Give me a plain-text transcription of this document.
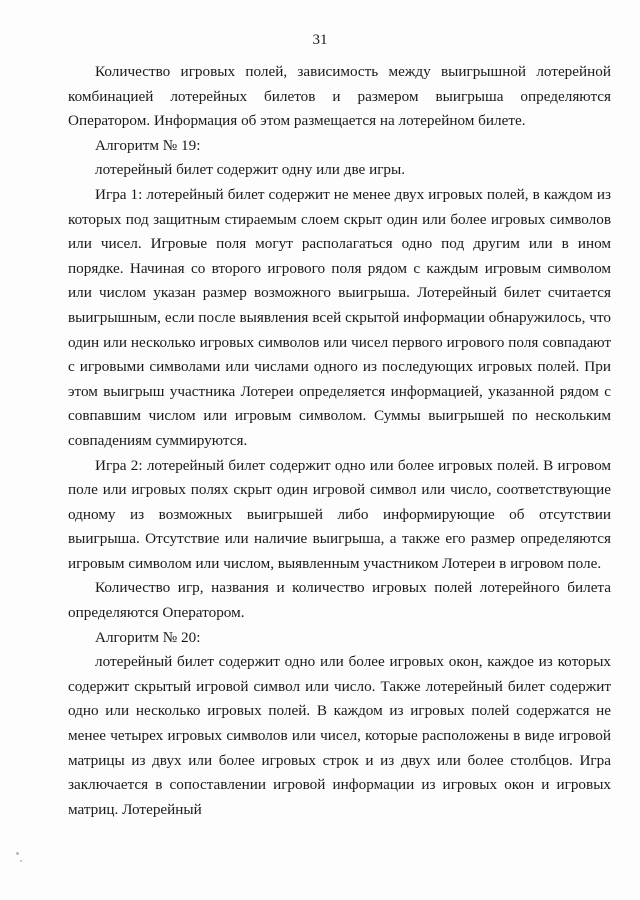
31

Количество игровых полей, зависимость между выигрышной лотерейной комбинацией лотерейных билетов и размером выигрыша определяются Оператором. Информация об этом размещается на лотерейном билете.

Алгоритм № 19:

лотерейный билет содержит одну или две игры.

Игра 1: лотерейный билет содержит не менее двух игровых полей, в каждом из которых под защитным стираемым слоем скрыт один или более игровых символов или чисел. Игровые поля могут располагаться одно под другим или в ином порядке. Начиная со второго игрового поля рядом с каждым игровым символом или числом указан размер возможного выигрыша. Лотерейный билет считается выигрышным, если после выявления всей скрытой информации обнаружилось, что один или несколько игровых символов или чисел первого игрового поля совпадают с игровыми символами или числами одного из последующих игровых полей. При этом выигрыш участника Лотереи определяется информацией, указанной рядом с совпавшим числом или игровым символом. Суммы выигрышей по нескольким совпадениям суммируются.

Игра 2: лотерейный билет содержит одно или более игровых полей. В игровом поле или игровых полях скрыт один игровой символ или число, соответствующие одному из возможных выигрышей либо информирующие об отсутствии выигрыша. Отсутствие или наличие выигрыша, а также его размер определяются игровым символом или числом, выявленным участником Лотереи в игровом поле.

Количество игр, названия и количество игровых полей лотерейного билета определяются Оператором.

Алгоритм № 20:

лотерейный билет содержит одно или более игровых окон, каждое из которых содержит скрытый игровой символ или число. Также лотерейный билет содержит одно или несколько игровых полей. В каждом из игровых полей содержатся не менее четырех игровых символов или чисел, которые расположены в виде игровой матрицы из двух или более игровых строк и из двух или более столбцов. Игра заключается в сопоставлении игровой информации из игровых окон и игровых матриц. Лотерейный
